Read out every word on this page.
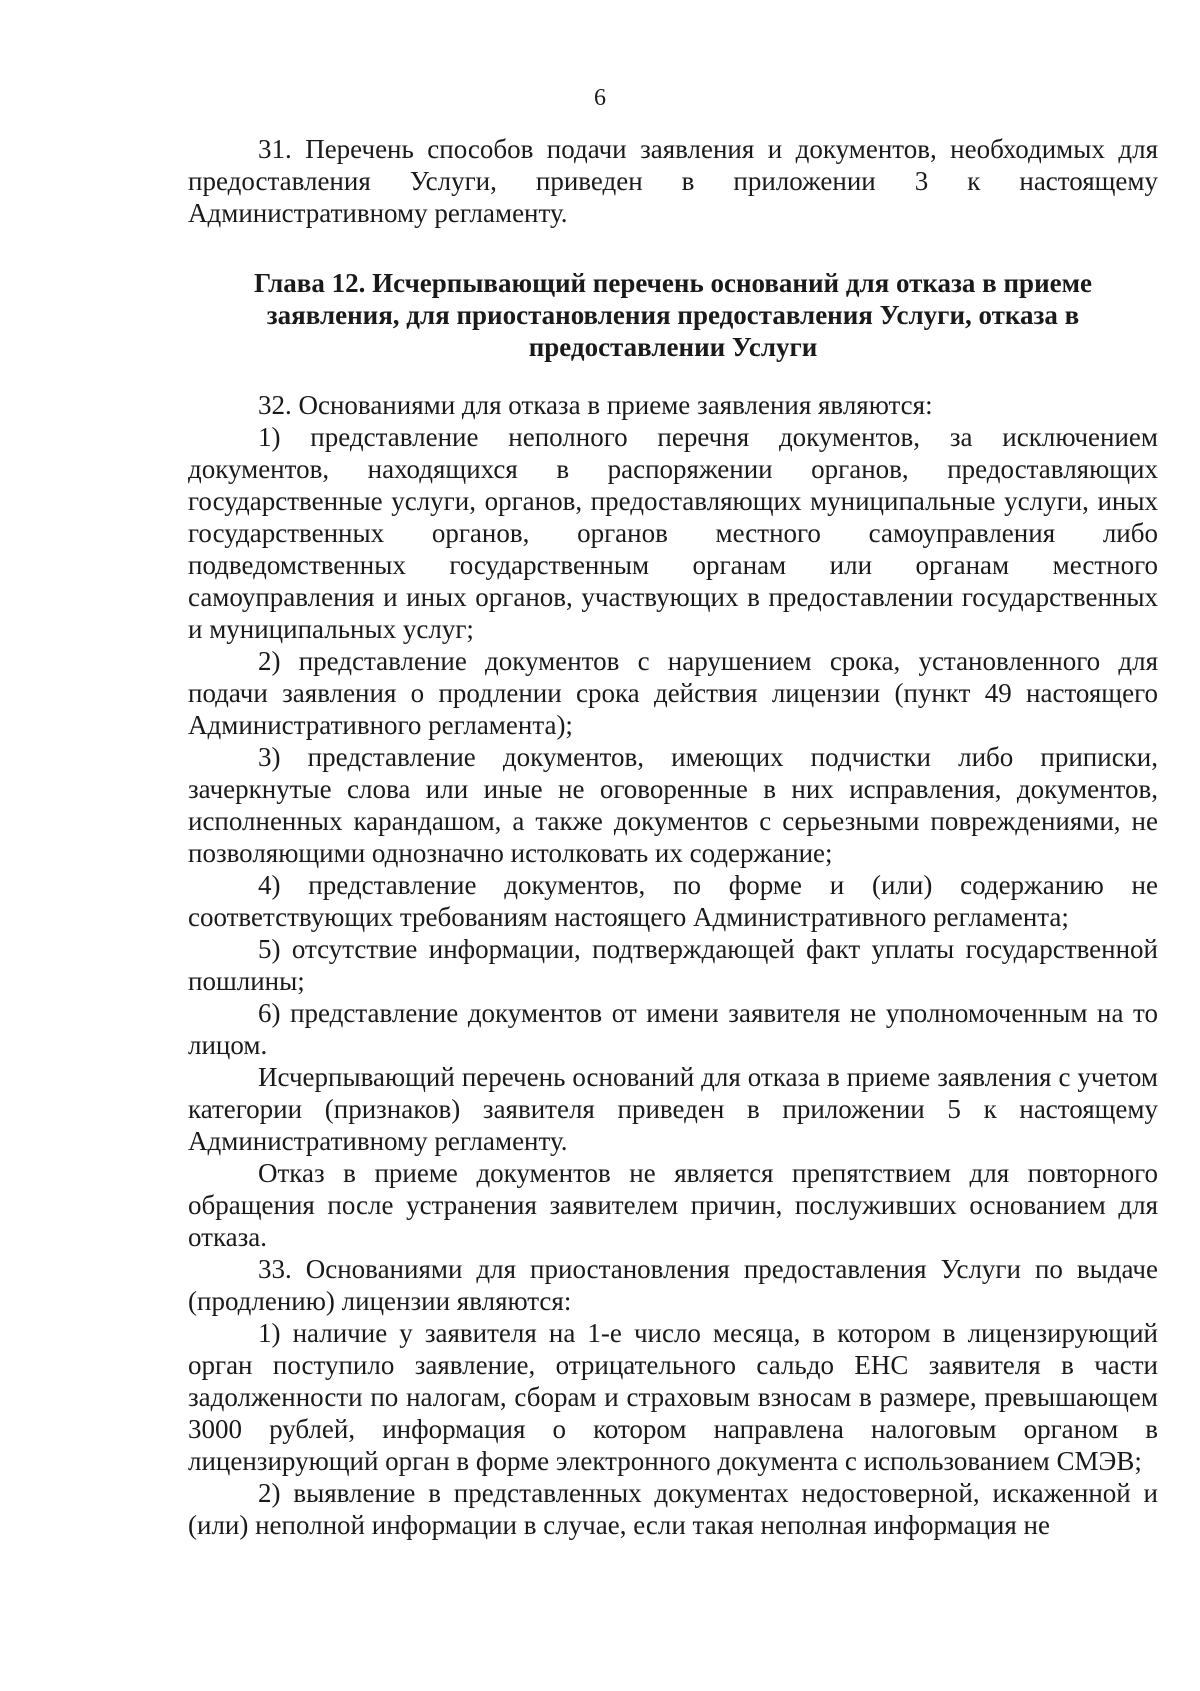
6

31. Перечень способов подачи заявления и документов, необходимых для предоставления Услуги, приведен в приложении 3 к настоящему Административному регламенту.

Глава 12. Исчерпывающий перечень оснований для отказа в приеме
заявления, для приостановления предоставления Услуги, отказа в
предоставлении Услуги

32. Основаниями для отказа в приеме заявления являются:

1) представление неполного перечня документов, за исключением документов, находящихся в распоряжении органов, предоставляющих государственные услуги, органов, предоставляющих муниципальные услуги, иных государственных органов, органов местного самоуправления либо подведомственных государственным органам или органам местного самоуправления и иных органов, участвующих в предоставлении государственных и муниципальных услуг;

2) представление документов с нарушением срока, установленного для подачи заявления о продлении срока действия лицензии (пункт 49 настоящего Административного регламента);

3) представление документов, имеющих подчистки либо приписки, зачеркнутые слова или иные не оговоренные в них исправления, документов, исполненных карандашом, а также документов с серьезными повреждениями, не позволяющими однозначно истолковать их содержание;

4) представление документов, по форме и (или) содержанию не соответствующих требованиям настоящего Административного регламента;

5) отсутствие информации, подтверждающей факт уплаты государственной пошлины;

6) представление документов от имени заявителя не уполномоченным на то лицом.

Исчерпывающий перечень оснований для отказа в приеме заявления с учетом категории (признаков) заявителя приведен в приложении 5 к настоящему Административному регламенту.

Отказ в приеме документов не является препятствием для повторного обращения после устранения заявителем причин, послуживших основанием для отказа.

33. Основаниями для приостановления предоставления Услуги по выдаче (продлению) лицензии являются:

1) наличие у заявителя на 1-е число месяца, в котором в лицензирующий орган поступило заявление, отрицательного сальдо ЕНС заявителя в части задолженности по налогам, сборам и страховым взносам в размере, превышающем 3000 рублей, информация о котором направлена налоговым органом в лицензирующий орган в форме электронного документа с использованием СМЭВ;

2) выявление в представленных документах недостоверной, искаженной и (или) неполной информации в случае, если такая неполная информация не
